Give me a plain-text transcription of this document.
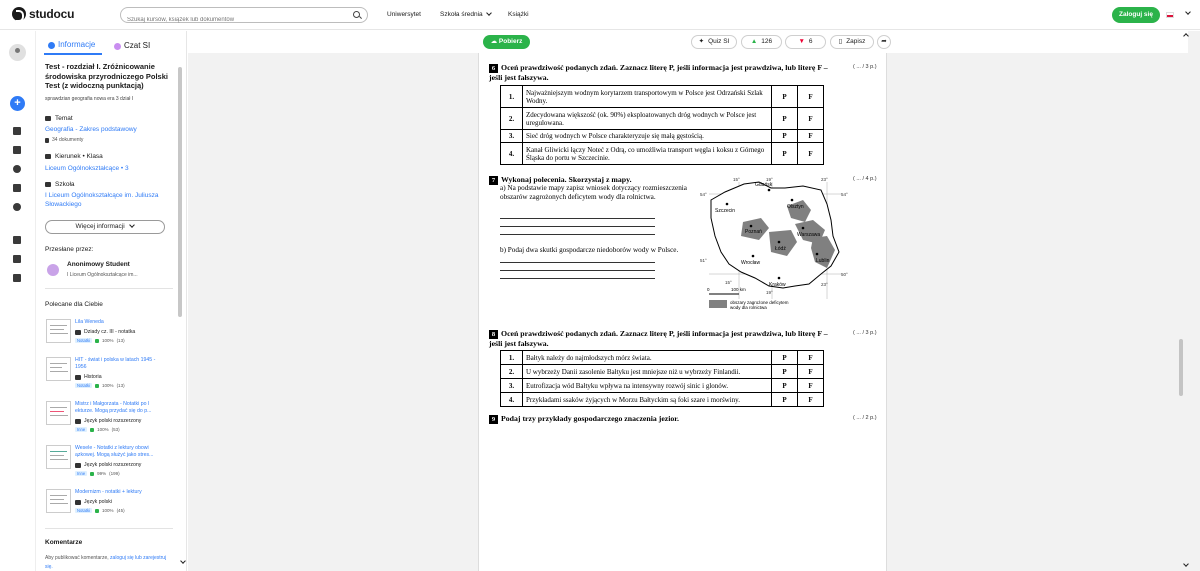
studocu
Szukaj kursów, książek lub dokumentów	Uniwersytet	Szkoła średnia	Książki	Zaloguj się
+
Informacje	Czat SI
Test - rozdział I. Zróżnicowanie środowiska przyrodniczego Polski Test (z widoczną punktacją)
sprawdzian geografia nowa era 3 dział I
Temat
Geografia - Zakres podstawowy
34 dokumenty
Kierunek • Klasa
Liceum Ogólnokształcące • 3
Szkoła
I Liceum Ogólnokształcące im. Juliusza Słowackiego
Więcej informacji
Przesłane przez:
Anonimowy Student
I Liceum Ogólnokształcące im...
Polecane dla Ciebie
Lila Weneda
Dziady cz. III - notatka
Notatki	100% (13)
HIT - świat i polska w latach 1945 - 1956
Historia
Notatki	100% (13)
Mistrz i Małgorzata - Notatki po l ekturze. Mogą przydać się do p...
Język polski rozszerzony
Inne	100% (53)
Wesele - Notatki z lektury obowi ązkowej. Mogą służyć jako stres...
Język polski rozszerzony
Inne	99% (199)
Modernizm - notatki + lektury
Język polski
Notatki	100% (45)
Komentarze
Aby publikować komentarze, zaloguj się lub zarejestruj się.
☁ Pobierz	✦ Quiz SI	▲ 126	▼ 6	▯ Zapisz ➦
6 Oceń prawdziwość podanych zdań. Zaznacz literę P, jeśli informacja jest prawdziwa, lub literę F – jeśli jest fałszywa.
( ... / 3 p.)
1.	Najważniejszym wodnym korytarzem transportowym w Polsce jest Odrzański Szlak Wodny.	P	F
2.	Zdecydowana większość (ok. 90%) eksploatowanych dróg wodnych w Polsce jest uregulowana.	P	F
3.	Sieć dróg wodnych w Polsce charakteryzuje się małą gęstością.	P	F
4.	Kanał Gliwicki łączy Noteć z Odrą, co umożliwia transport węgla i koksu z Górnego Śląska do portu w Szczecinie.	P	F
7 Wykonaj polecenia. Skorzystaj z mapy.	( ... / 4 p.)
a) Na podstawie mapy zapisz wniosek dotyczący rozmieszczenia obszarów zagrożonych deficytem wody dla rolnictwa.
b) Podaj dwa skutki gospodarcze niedoborów wody w Polsce.
Gdańsk
Szczecin
Olsztyn
Poznań	Warszawa
Łódź
Wrocław	Lublin
Kraków
15°	19°	23°
54°	54°
50°
51°
15°
19°
23°
0	100 km
obszary zagrożone deficytem wody dla rolnictwa
8 Oceń prawdziwość podanych zdań. Zaznacz literę P, jeśli informacja jest prawdziwa, lub literę F – jeśli jest fałszywa.
( ... / 3 p.)
1.	Bałtyk należy do najmłodszych mórz świata.	P	F
2.	U wybrzeży Danii zasolenie Bałtyku jest mniejsze niż u wybrzeży Finlandii.	P	F
3.	Eutrofizacja wód Bałtyku wpływa na intensywny rozwój sinic i glonów.	P	F
4.	Przykładami ssaków żyjących w Morzu Bałtyckim są foki szare i morświny.	P	F
9 Podaj trzy przykłady gospodarczego znaczenia jezior.	( ... / 2 p.)
